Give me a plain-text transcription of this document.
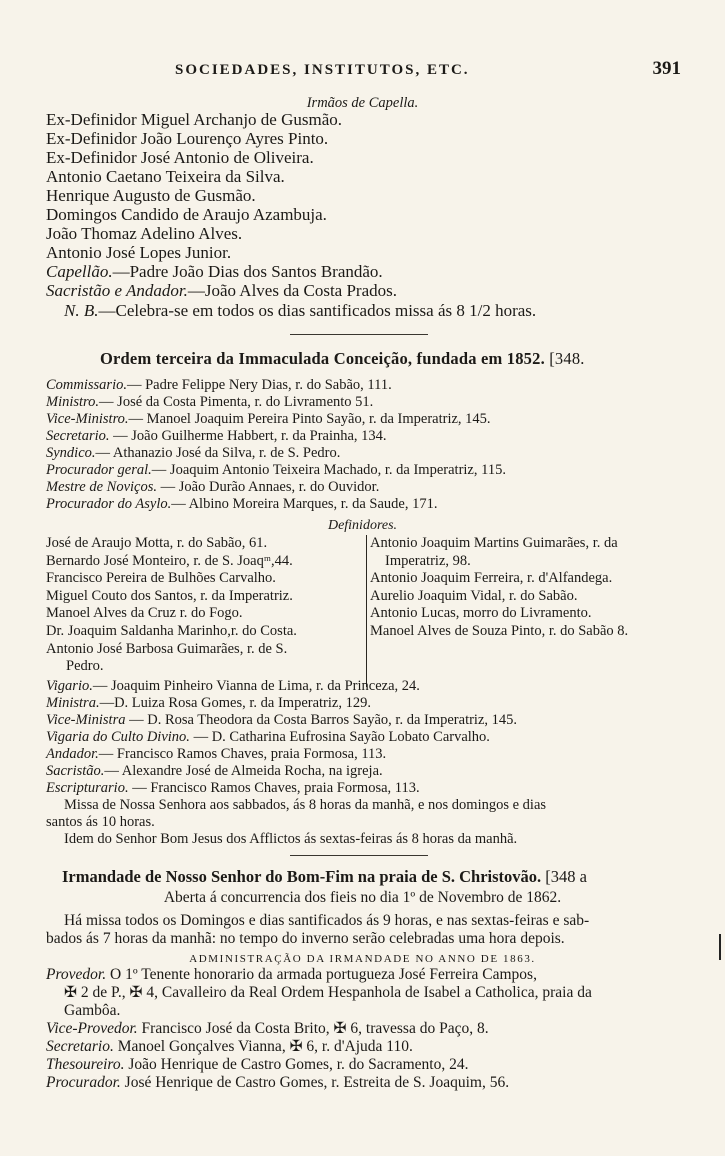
SOCIEDADES, INSTITUTOS, ETC.	391
Irmãos de Capella.
Ex-Definidor Miguel Archanjo de Gusmão.
Ex-Definidor João Lourenço Ayres Pinto.
Ex-Definidor José Antonio de Oliveira.
Antonio Caetano Teixeira da Silva.
Henrique Augusto de Gusmão.
Domingos Candido de Araujo Azambuja.
João Thomaz Adelino Alves.
Antonio José Lopes Junior.
Capellão.—Padre João Dias dos Santos Brandão.
Sacristão e Andador.—João Alves da Costa Prados.
N. B.—Celebra-se em todos os dias santificados missa ás 8 1/2 horas.
Ordem terceira da Immaculada Conceição, fundada em 1852. [348.
Commissario.— Padre Felippe Nery Dias, r. do Sabão, 111.
Ministro.— José da Costa Pimenta, r. do Livramento 51.
Vice-Ministro.— Manoel Joaquim Pereira Pinto Sayão, r. da Imperatriz, 145.
Secretario. — João Guilherme Habbert, r. da Prainha, 134.
Syndico.— Athanazio José da Silva, r. de S. Pedro.
Procurador geral.— Joaquim Antonio Teixeira Machado, r. da Imperatriz, 115.
Mestre de Noviços. — João Durão Annaes, r. do Ouvidor.
Procurador do Asylo.— Albino Moreira Marques, r. da Saude, 171.
Definidores.
José de Araujo Motta, r. do Sabão, 61.
Bernardo José Monteiro, r. de S. Joaqᵐ,44.
Francisco Pereira de Bulhões Carvalho.
Miguel Couto dos Santos, r. da Imperatriz.
Manoel Alves da Cruz r. do Fogo.
Dr. Joaquim Saldanha Marinho,r. do Costa.
Antonio José Barbosa Guimarães, r. de S.
Pedro.
Antonio Joaquim Martins Guimarães, r. da
Imperatriz, 98.
Antonio Joaquim Ferreira, r. d'Alfandega.
Aurelio Joaquim Vidal, r. do Sabão.
Antonio Lucas, morro do Livramento.
Manoel Alves de Souza Pinto, r. do Sabão 8.
Vigario.— Joaquim Pinheiro Vianna de Lima, r. da Princeza, 24.
Ministra.—D. Luiza Rosa Gomes, r. da Imperatriz, 129.
Vice-Ministra — D. Rosa Theodora da Costa Barros Sayão, r. da Imperatriz, 145.
Vigaria do Culto Divino. — D. Catharina Eufrosina Sayão Lobato Carvalho.
Andador.— Francisco Ramos Chaves, praia Formosa, 113.
Sacristão.— Alexandre José de Almeida Rocha, na igreja.
Escripturario. — Francisco Ramos Chaves, praia Formosa, 113.
Missa de Nossa Senhora aos sabbados, ás 8 horas da manhã, e nos domingos e dias
santos ás 10 horas.
Idem do Senhor Bom Jesus dos Afflictos ás sextas-feiras ás 8 horas da manhã.
Irmandade de Nosso Senhor do Bom-Fim na praia de S. Christovão. [348 a
Aberta á concurrencia dos fieis no dia 1º de Novembro de 1862.
Há missa todos os Domingos e dias santificados ás 9 horas, e nas sextas-feiras e sab-
bados ás 7 horas da manhã: no tempo do inverno serão celebradas uma hora depois.
ADMINISTRAÇÃO DA IRMANDADE NO ANNO DE 1863.
Provedor. O 1º Tenente honorario da armada portugueza José Ferreira Campos,
✠ 2 de P., ✠ 4, Cavalleiro da Real Ordem Hespanhola de Isabel a Catholica, praia da
Gambôa.
Vice-Provedor. Francisco José da Costa Brito, ✠ 6, travessa do Paço, 8.
Secretario. Manoel Gonçalves Vianna, ✠ 6, r. d'Ajuda 110.
Thesoureiro. João Henrique de Castro Gomes, r. do Sacramento, 24.
Procurador. José Henrique de Castro Gomes, r. Estreita de S. Joaquim, 56.
